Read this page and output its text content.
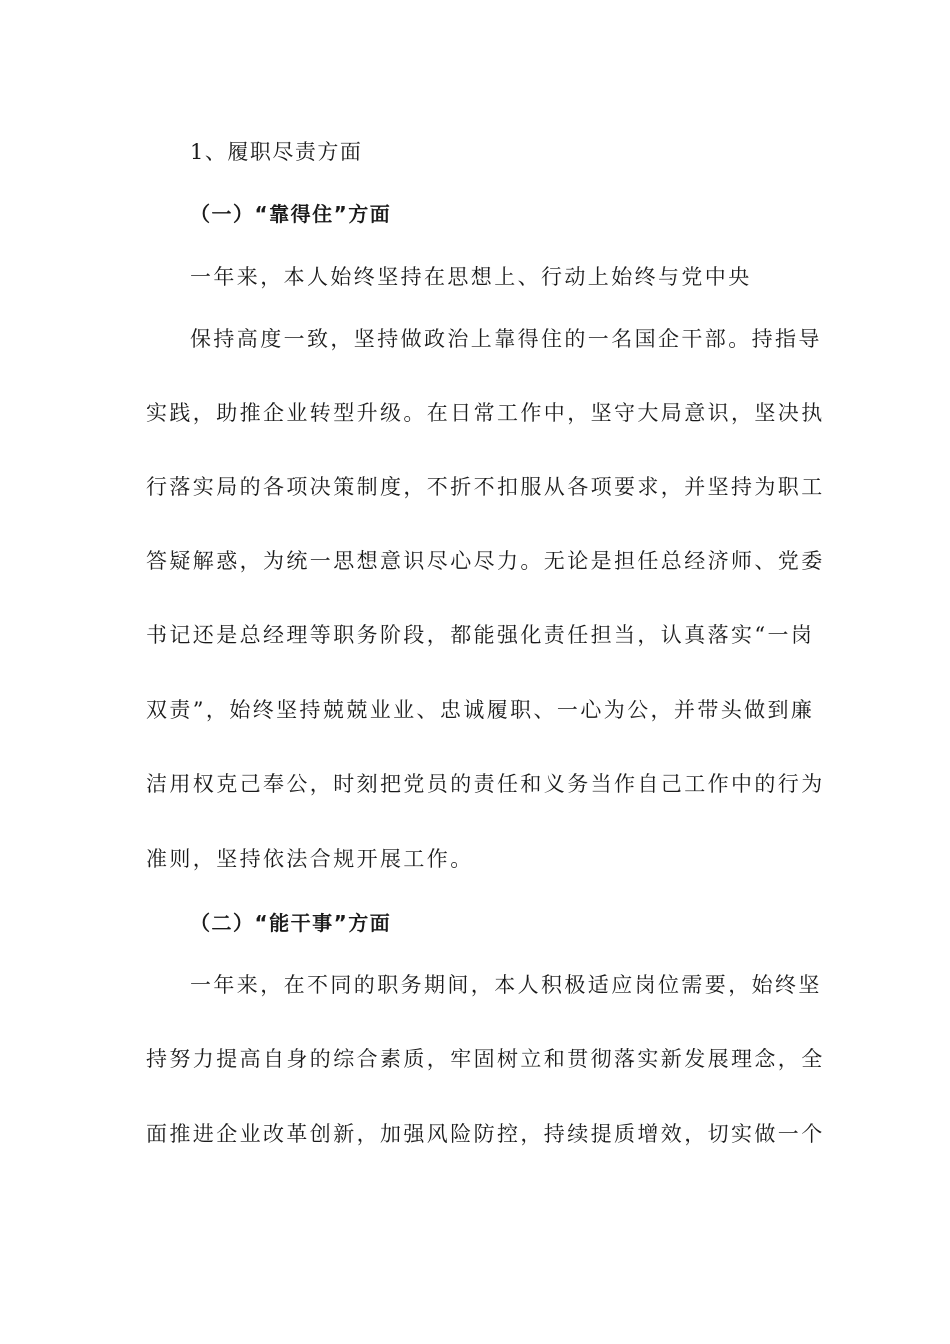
1、履职尽责方面
（一）“靠得住”方面
一年来，本人始终坚持在思想上、行动上始终与党中央
保持高度一致，坚持做政治上靠得住的一名国企干部。持指导
实践，助推企业转型升级。在日常工作中，坚守大局意识，坚决执
行落实局的各项决策制度，不折不扣服从各项要求，并坚持为职工
答疑解惑，为统一思想意识尽心尽力。无论是担任总经济师、党委
书记还是总经理等职务阶段，都能强化责任担当，认真落实“一岗
双责”，始终坚持兢兢业业、忠诚履职、一心为公，并带头做到廉
洁用权克己奉公，时刻把党员的责任和义务当作自己工作中的行为
准则，坚持依法合规开展工作。
（二）“能干事”方面
一年来，在不同的职务期间，本人积极适应岗位需要，始终坚
持努力提高自身的综合素质，牢固树立和贯彻落实新发展理念，全
面推进企业改革创新，加强风险防控，持续提质增效，切实做一个
